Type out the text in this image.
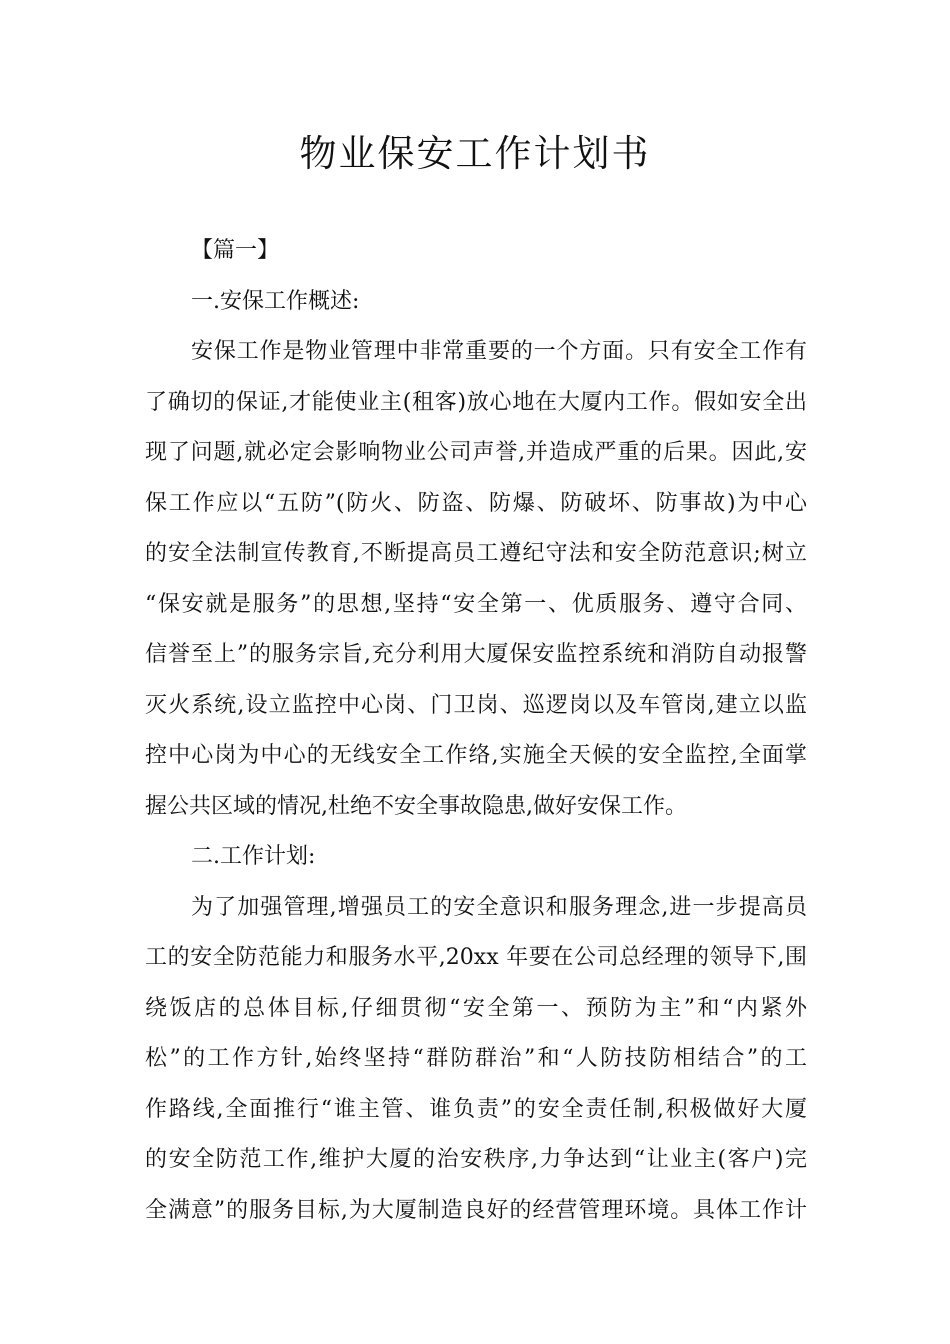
物业保安工作计划书
【篇一】
一.安保工作概述:
安保工作是物业管理中非常重要的一个方面。只有安全工作有
了确切的保证,才能使业主(租客)放心地在大厦内工作。假如安全出
现了问题,就必定会影响物业公司声誉,并造成严重的后果。因此,安
保工作应以“五防”(防火、防盗、防爆、防破坏、防事故)为中心
的安全法制宣传教育,不断提高员工遵纪守法和安全防范意识;树立
“保安就是服务”的思想,坚持“安全第一、优质服务、遵守合同、
信誉至上”的服务宗旨,充分利用大厦保安监控系统和消防自动报警
灭火系统,设立监控中心岗、门卫岗、巡逻岗以及车管岗,建立以监
控中心岗为中心的无线安全工作络,实施全天候的安全监控,全面掌
握公共区域的情况,杜绝不安全事故隐患,做好安保工作。
二.工作计划:
为了加强管理,增强员工的安全意识和服务理念,进一步提高员
工的安全防范能力和服务水平,20xx 年要在公司总经理的领导下,围
绕饭店的总体目标,仔细贯彻“安全第一、预防为主”和“内紧外
松”的工作方针,始终坚持“群防群治”和“人防技防相结合”的工
作路线,全面推行“谁主管、谁负责”的安全责任制,积极做好大厦
的安全防范工作,维护大厦的治安秩序,力争达到“让业主(客户)完
全满意”的服务目标,为大厦制造良好的经营管理环境。具体工作计
